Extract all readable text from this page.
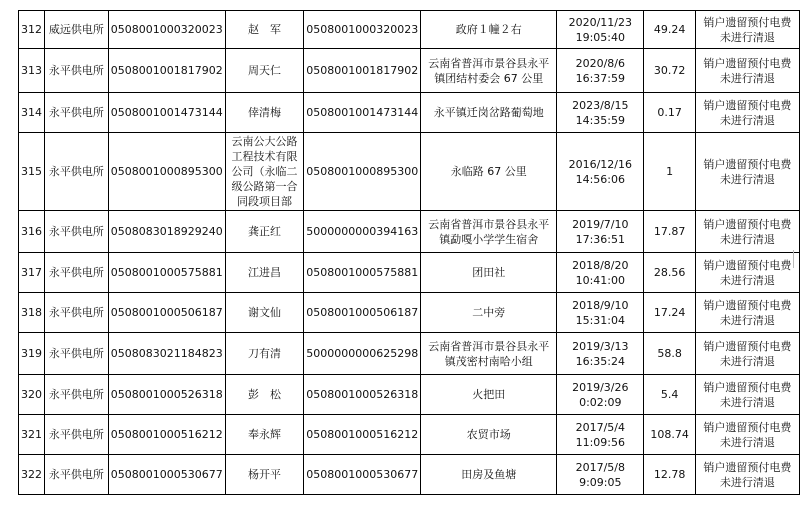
312	威远供电所	0508001000320023	赵　军	0508001000320023	政府１幢２右	2020/11/23
19:05:40	49.24	销户遗留预付电费
未进行清退
313	永平供电所	0508001001817902	周天仁	0508001001817902	云南省普洱市景谷县永平
镇团结村委会 67 公里	2020/8/6
16:37:59	30.72	销户遗留预付电费
未进行清退
314	永平供电所	0508001001473144	倖清梅	0508001001473144	永平镇迁岗岔路葡萄地	2023/8/15
14:35:59	0.17	销户遗留预付电费
未进行清退
315	永平供电所	0508001000895300	云南公大公路
工程技术有限
公司（永临二
级公路第一合
同段项目部	0508001000895300	永临路 67 公里	2016/12/16
14:56:06	1	销户遗留预付电费
未进行清退
316	永平供电所	0508083018929240	龚正红	5000000000394163	云南省普洱市景谷县永平
镇勐嘎小学学生宿舍	2019/7/10
17:36:51	17.87	销户遗留预付电费
未进行清退
317	永平供电所	0508001000575881	江进昌	0508001000575881	团田社	2018/8/20
10:41:00	28.56	销户遗留预付电费
未进行清退
318	永平供电所	0508001000506187	谢文仙	0508001000506187	二中旁	2018/9/10
15:31:04	17.24	销户遗留预付电费
未进行清退
319	永平供电所	0508083021184823	刀有清	5000000000625298	云南省普洱市景谷县永平
镇茂密村南哈小组	2019/3/13
16:35:24	58.8	销户遗留预付电费
未进行清退
320	永平供电所	0508001000526318	彭　松	0508001000526318	火把田	2019/3/26
0:02:09	5.4	销户遗留预付电费
未进行清退
321	永平供电所	0508001000516212	奉永辉	0508001000516212	农贸市场	2017/5/4
11:09:56	108.74	销户遗留预付电费
未进行清退
322	永平供电所	0508001000530677	杨开平	0508001000530677	田房及鱼塘	2017/5/8
9:09:05	12.78	销户遗留预付电费
未进行清退
